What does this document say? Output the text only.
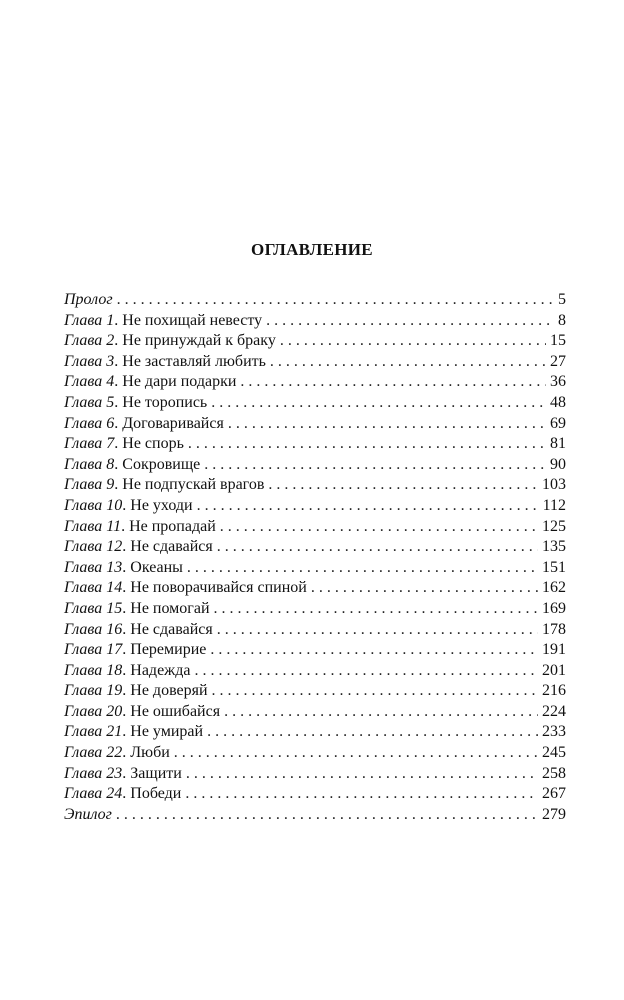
ОГЛАВЛЕНИЕ
Пролог . . .	5
Глава 1. Не похищай невесту . . .	8
Глава 2. Не принуждай к браку . . .	15
Глава 3. Не заставляй любить . . .	27
Глава 4. Не дари подарки . . .	36
Глава 5. Не торопись . . .	48
Глава 6. Договаривайся . . .	69
Глава 7. Не спорь . . .	81
Глава 8. Сокровище . . .	90
Глава 9. Не подпускай врагов . . .	103
Глава 10. Не уходи . . .	112
Глава 11. Не пропадай . . .	125
Глава 12. Не сдавайся . . .	135
Глава 13. Океаны . . .	151
Глава 14. Не поворачивайся спиной . . .	162
Глава 15. Не помогай . . .	169
Глава 16. Не сдавайся . . .	178
Глава 17. Перемирие . . .	191
Глава 18. Надежда . . .	201
Глава 19. Не доверяй . . .	216
Глава 20. Не ошибайся . . .	224
Глава 21. Не умирай . . .	233
Глава 22. Люби . . .	245
Глава 23. Защити . . .	258
Глава 24. Победи . . .	267
Эпилог . . .	279
